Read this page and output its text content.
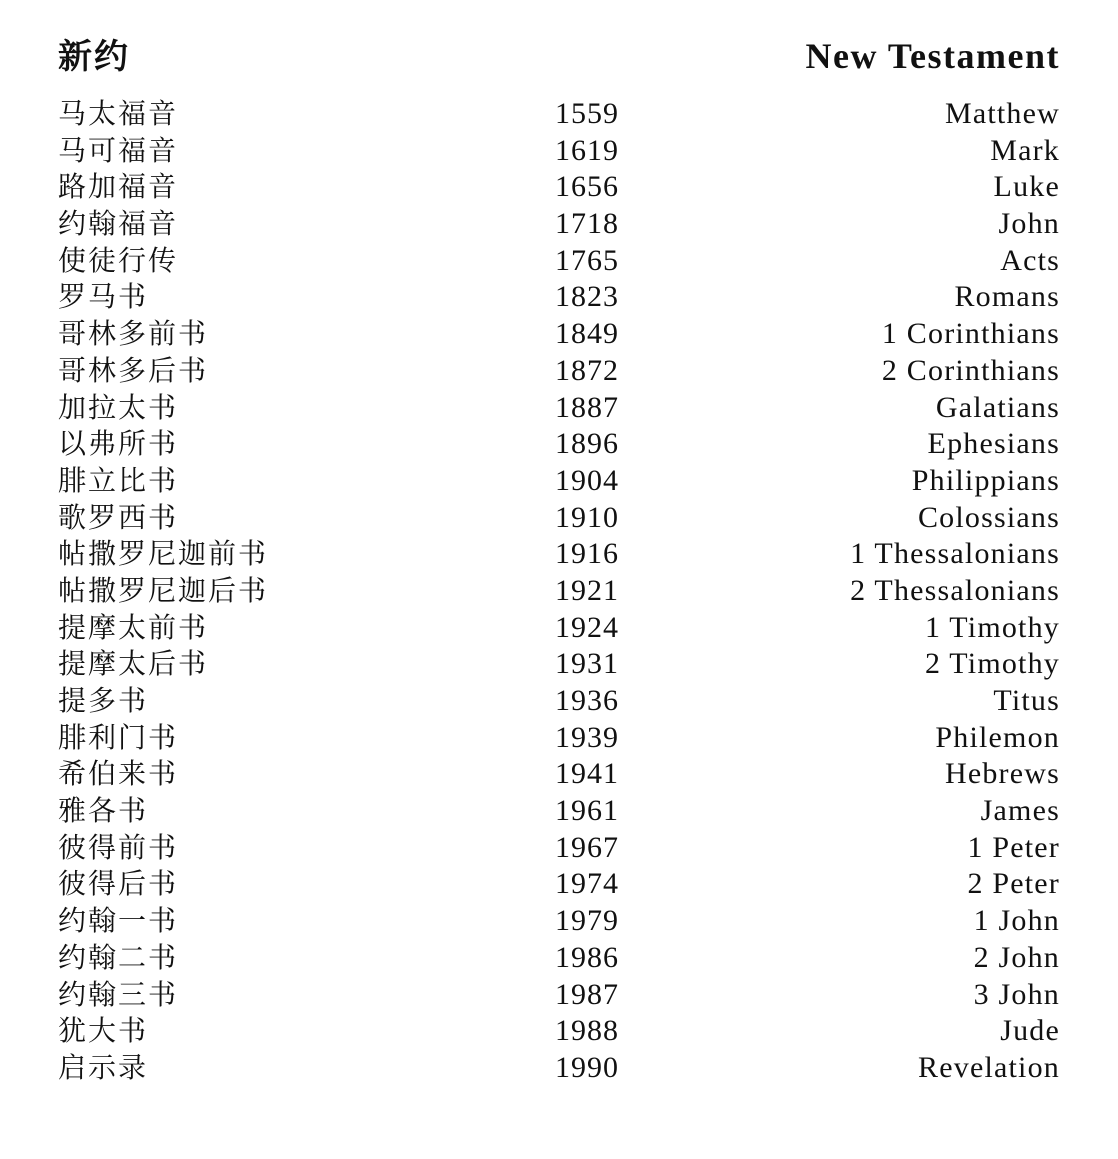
新约	New Testament
马太福音	1559	Matthew
马可福音	1619	Mark
路加福音	1656	Luke
约翰福音	1718	John
使徒行传	1765	Acts
罗马书	1823	Romans
哥林多前书	1849	1 Corinthians
哥林多后书	1872	2 Corinthians
加拉太书	1887	Galatians
以弗所书	1896	Ephesians
腓立比书	1904	Philippians
歌罗西书	1910	Colossians
帖撒罗尼迦前书	1916	1 Thessalonians
帖撒罗尼迦后书	1921	2 Thessalonians
提摩太前书	1924	1 Timothy
提摩太后书	1931	2 Timothy
提多书	1936	Titus
腓利门书	1939	Philemon
希伯来书	1941	Hebrews
雅各书	1961	James
彼得前书	1967	1 Peter
彼得后书	1974	2 Peter
约翰一书	1979	1 John
约翰二书	1986	2 John
约翰三书	1987	3 John
犹大书	1988	Jude
启示录	1990	Revelation
